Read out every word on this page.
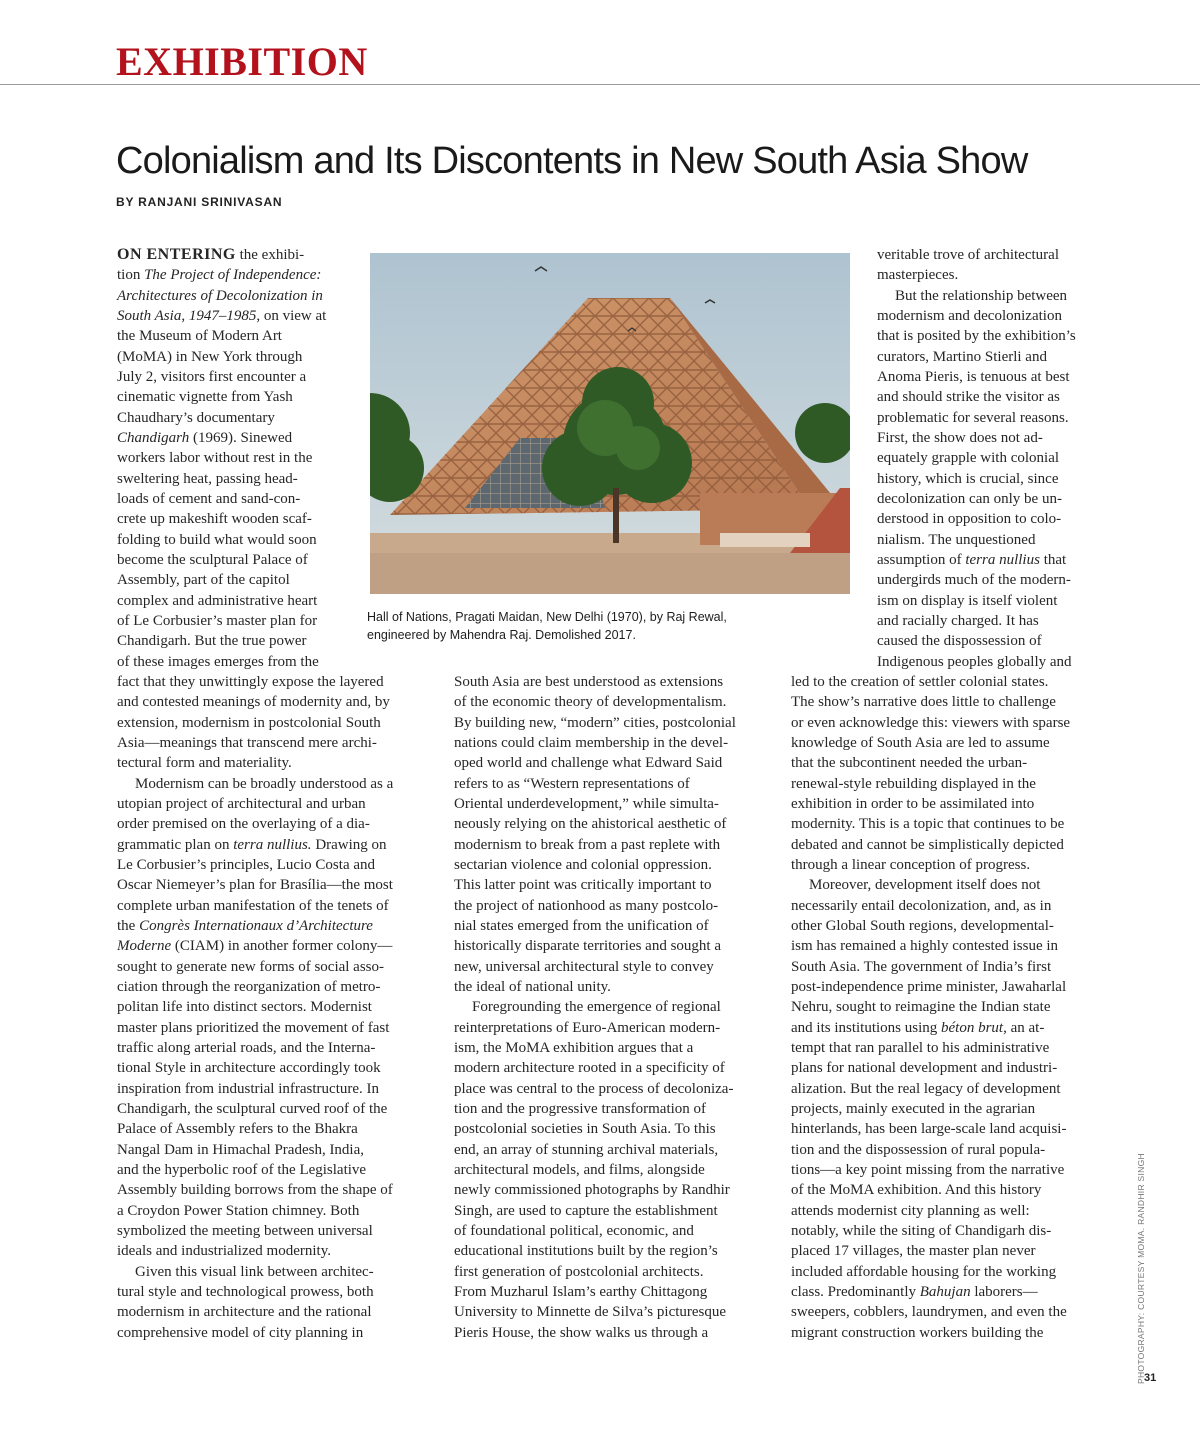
EXHIBITION
Colonialism and Its Discontents in New South Asia Show

BY RANJANI SRINIVASAN

ON ENTERING the exhibi-
tion The Project of Independence:
Architectures of Decolonization in
South Asia, 1947–1985, on view at
the Museum of Modern Art
(MoMA) in New York through
July 2, visitors first encounter a
cinematic vignette from Yash
Chaudhary’s documentary
Chandigarh (1969). Sinewed
workers labor without rest in the
sweltering heat, passing head-
loads of cement and sand-con-
crete up makeshift wooden scaf-
folding to build what would soon
become the sculptural Palace of
Assembly, part of the capitol
complex and administrative heart
of Le Corbusier’s master plan for
Chandigarh. But the true power
of these images emerges from the
fact that they unwittingly expose the layered
and contested meanings of modernity and, by
extension, modernism in postcolonial South
Asia—meanings that transcend mere archi-
tectural form and materiality.
Modernism can be broadly understood as a
utopian project of architectural and urban
order premised on the overlaying of a dia-
grammatic plan on terra nullius. Drawing on
Le Corbusier’s principles, Lucio Costa and
Oscar Niemeyer’s plan for Brasília—the most
complete urban manifestation of the tenets of
the Congrès Internationaux d’Architecture
Moderne (CIAM) in another former colony—
sought to generate new forms of social asso-
ciation through the reorganization of metro-
politan life into distinct sectors. Modernist
master plans prioritized the movement of fast
traffic along arterial roads, and the Interna-
tional Style in architecture accordingly took
inspiration from industrial infrastructure. In
Chandigarh, the sculptural curved roof of the
Palace of Assembly refers to the Bhakra
Nangal Dam in Himachal Pradesh, India,
and the hyperbolic roof of the Legislative
Assembly building borrows from the shape of
a Croydon Power Station chimney. Both
symbolized the meeting between universal
ideals and industrialized modernity.
Given this visual link between architec-
tural style and technological prowess, both
modernism in architecture and the rational
comprehensive model of city planning in
Hall of Nations, Pragati Maidan, New Delhi (1970), by Raj Rewal,
engineered by Mahendra Raj. Demolished 2017.
South Asia are best understood as extensions
of the economic theory of developmentalism.
By building new, “modern” cities, postcolonial
nations could claim membership in the devel-
oped world and challenge what Edward Said
refers to as “Western representations of
Oriental underdevelopment,” while simulta-
neously relying on the ahistorical aesthetic of
modernism to break from a past replete with
sectarian violence and colonial oppression.
This latter point was critically important to
the project of nationhood as many postcolo-
nial states emerged from the unification of
historically disparate territories and sought a
new, universal architectural style to convey
the ideal of national unity.
Foregrounding the emergence of regional
reinterpretations of Euro-American modern-
ism, the MoMA exhibition argues that a
modern architecture rooted in a specificity of
place was central to the process of decoloniza-
tion and the progressive transformation of
postcolonial societies in South Asia. To this
end, an array of stunning archival materials,
architectural models, and films, alongside
newly commissioned photographs by Randhir
Singh, are used to capture the establishment
of foundational political, economic, and
educational institutions built by the region’s
first generation of postcolonial architects.
From Muzharul Islam’s earthy Chittagong
University to Minnette de Silva’s picturesque
Pieris House, the show walks us through a
veritable trove of architectural
masterpieces.
But the relationship between
modernism and decolonization
that is posited by the exhibition’s
curators, Martino Stierli and
Anoma Pieris, is tenuous at best
and should strike the visitor as
problematic for several reasons.
First, the show does not ad-
equately grapple with colonial
history, which is crucial, since
decolonization can only be un-
derstood in opposition to colo-
nialism. The unquestioned
assumption of terra nullius that
undergirds much of the modern-
ism on display is itself violent
and racially charged. It has
caused the dispossession of
Indigenous peoples globally and
led to the creation of settler colonial states.
The show’s narrative does little to challenge
or even acknowledge this: viewers with sparse
knowledge of South Asia are led to assume
that the subcontinent needed the urban-
renewal-style rebuilding displayed in the
exhibition in order to be assimilated into
modernity. This is a topic that continues to be
debated and cannot be simplistically depicted
through a linear conception of progress.
Moreover, development itself does not
necessarily entail decolonization, and, as in
other Global South regions, developmental-
ism has remained a highly contested issue in
South Asia. The government of India’s first
post-independence prime minister, Jawaharlal
Nehru, sought to reimagine the Indian state
and its institutions using béton brut, an at-
tempt that ran parallel to his administrative
plans for national development and industri-
alization. But the real legacy of development
projects, mainly executed in the agrarian
hinterlands, has been large-scale land acquisi-
tion and the dispossession of rural popula-
tions—a key point missing from the narrative
of the MoMA exhibition. And this history
attends modernist city planning as well:
notably, while the siting of Chandigarh dis-
placed 17 villages, the master plan never
included affordable housing for the working
class. Predominantly Bahujan laborers—
sweepers, cobblers, laundrymen, and even the
migrant construction workers building the	PHOTOGRAPHY: COURTESY MOMA. RANDHIR SINGH
31
